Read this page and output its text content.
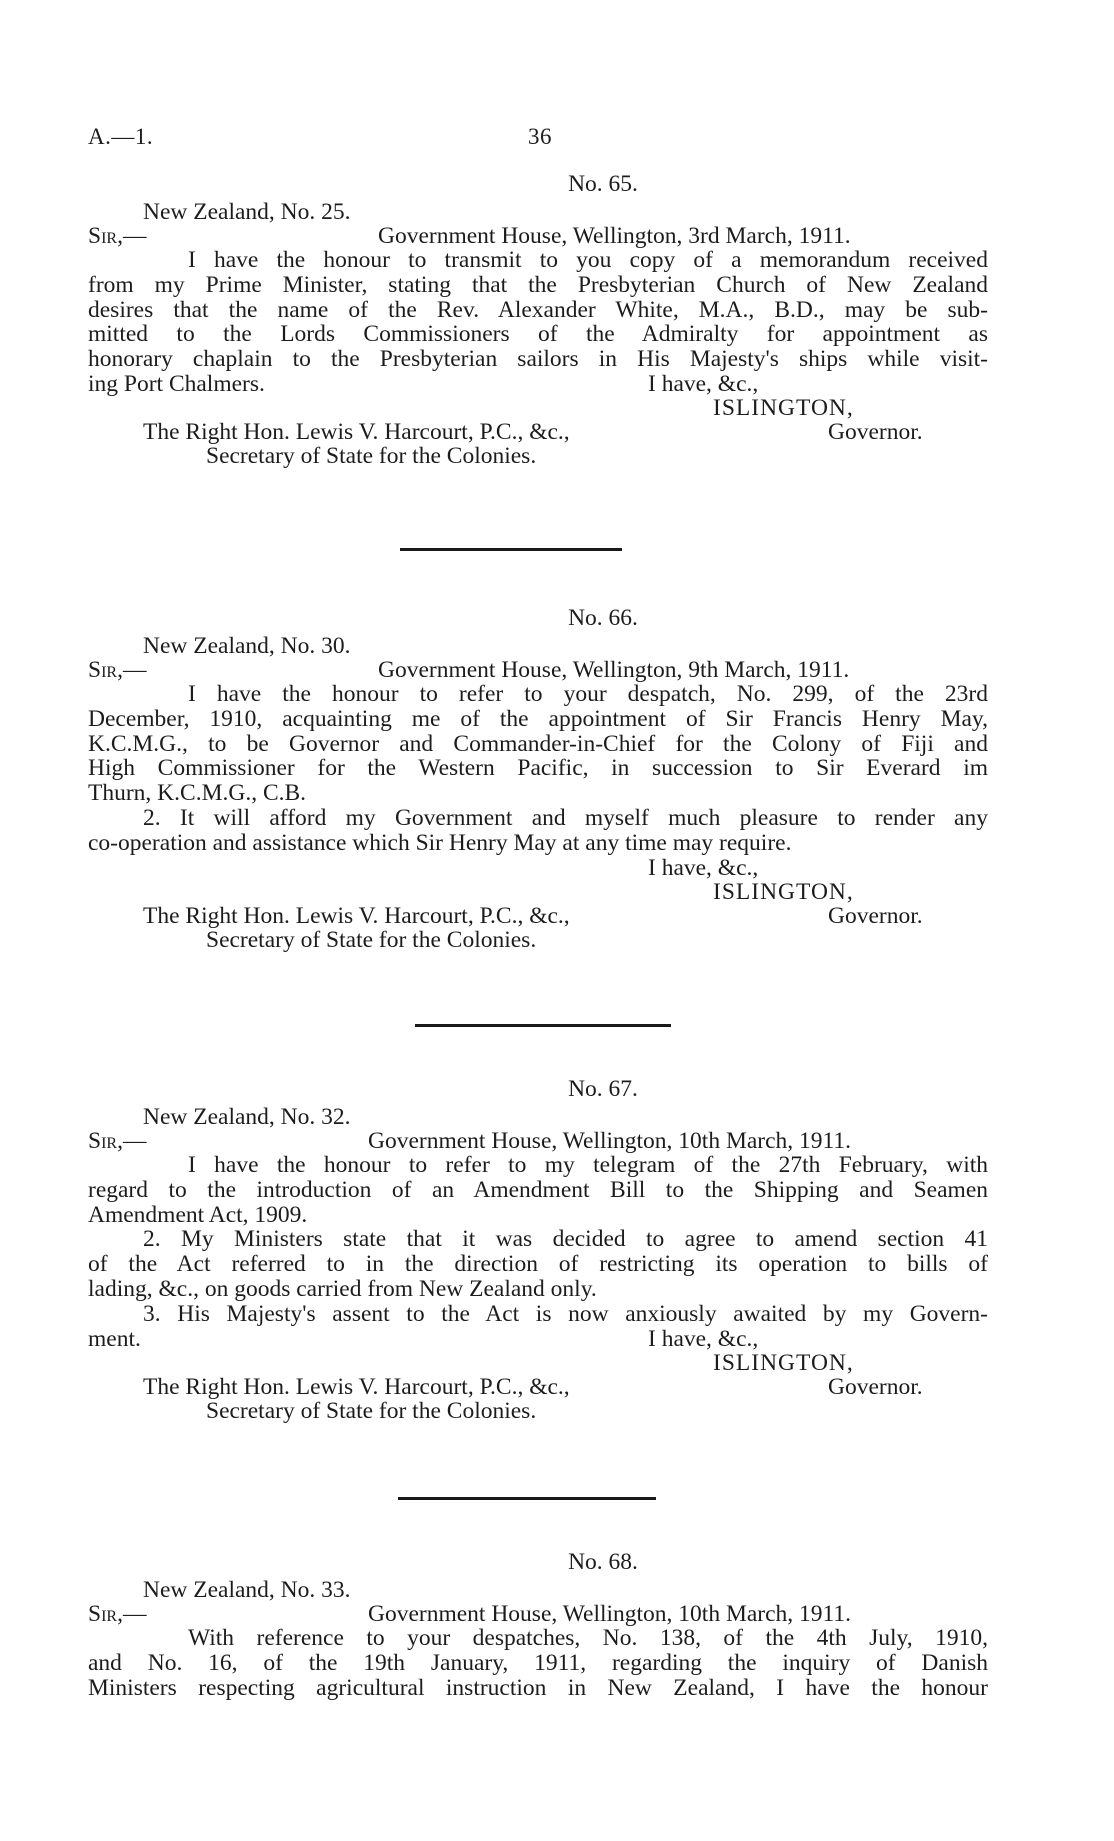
A.—1.	36
No. 65.
New Zealand, No. 25.
Sir,—	Government House, Wellington, 3rd March, 1911.
I have the honour to transmit to you copy of a memorandum received
from my Prime Minister, stating that the Presbyterian Church of New Zealand
desires that the name of the Rev. Alexander White, M.A., B.D., may be sub-
mitted to the Lords Commissioners of the Admiralty for appointment as
honorary chaplain to the Presbyterian sailors in His Majesty's ships while visit-
ing Port Chalmers.	I have, &c.,
ISLINGTON,
The Right Hon. Lewis V. Harcourt, P.C., &c.,	Governor.
Secretary of State for the Colonies.
No. 66.
New Zealand, No. 30.
Sir,—	Government House, Wellington, 9th March, 1911.
I have the honour to refer to your despatch, No. 299, of the 23rd
December, 1910, acquainting me of the appointment of Sir Francis Henry May,
K.C.M.G., to be Governor and Commander-in-Chief for the Colony of Fiji and
High Commissioner for the Western Pacific, in succession to Sir Everard im
Thurn, K.C.M.G., C.B.
2. It will afford my Government and myself much pleasure to render any
co-operation and assistance which Sir Henry May at any time may require.
I have, &c.,
ISLINGTON,
The Right Hon. Lewis V. Harcourt, P.C., &c.,	Governor.
Secretary of State for the Colonies.
No. 67.
New Zealand, No. 32.
Sir,—	Government House, Wellington, 10th March, 1911.
I have the honour to refer to my telegram of the 27th February, with
regard to the introduction of an Amendment Bill to the Shipping and Seamen
Amendment Act, 1909.
2. My Ministers state that it was decided to agree to amend section 41
of the Act referred to in the direction of restricting its operation to bills of
lading, &c., on goods carried from New Zealand only.
3. His Majesty's assent to the Act is now anxiously awaited by my Govern-
ment.	I have, &c.,
ISLINGTON,
The Right Hon. Lewis V. Harcourt, P.C., &c.,	Governor.
Secretary of State for the Colonies.
No. 68.
New Zealand, No. 33.
Sir,—	Government House, Wellington, 10th March, 1911.
With reference to your despatches, No. 138, of the 4th July, 1910,
and No. 16, of the 19th January, 1911, regarding the inquiry of Danish
Ministers respecting agricultural instruction in New Zealand, I have the honour
